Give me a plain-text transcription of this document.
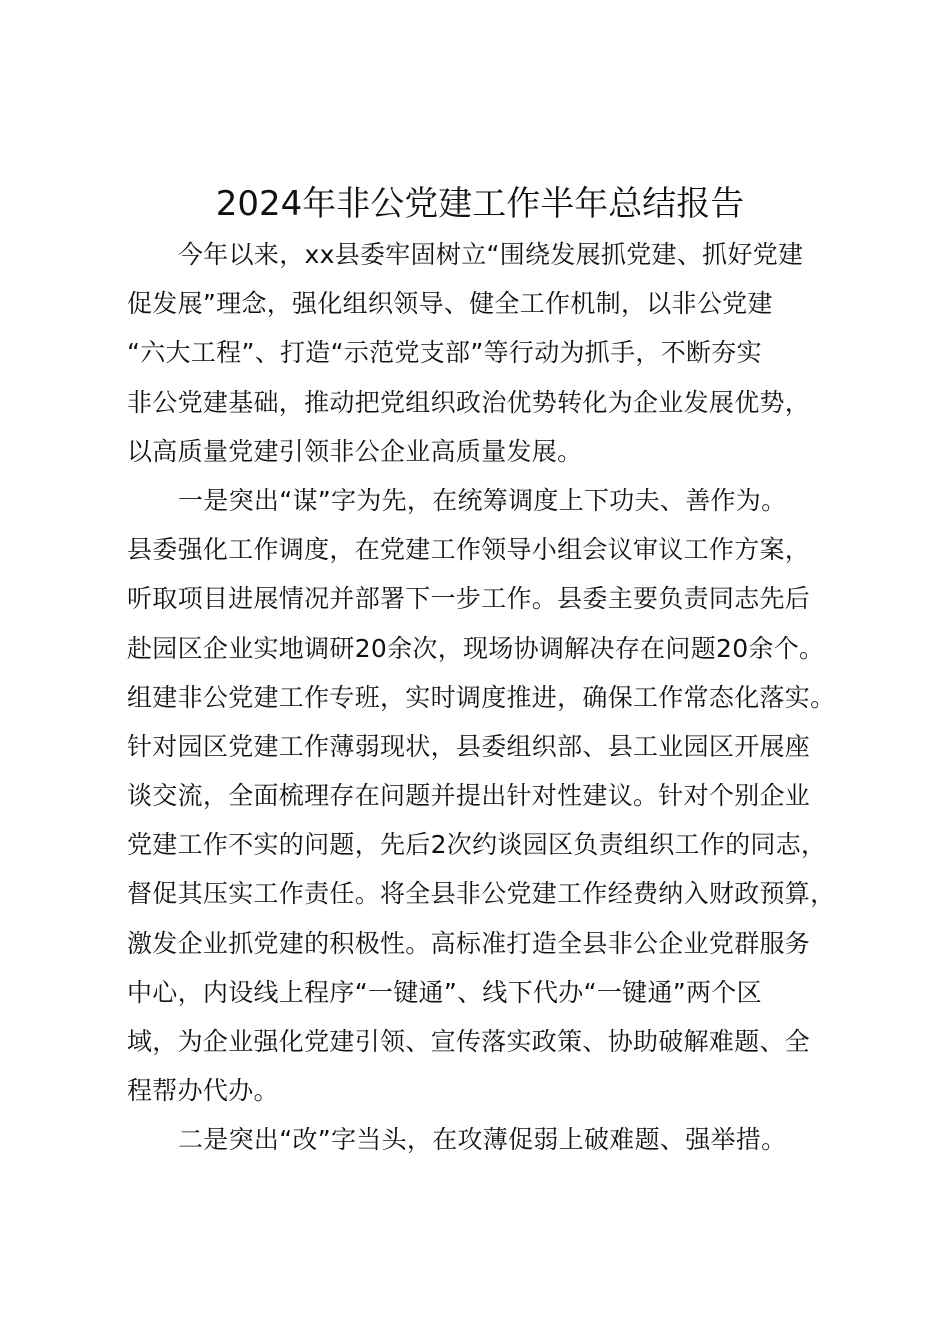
2024年非公党建工作半年总结报告
今年以来，xx县委牢固树立“围绕发展抓党建、抓好党建
促发展”理念，强化组织领导、健全工作机制，以非公党建
“六大工程”、打造“示范党支部”等行动为抓手，不断夯实
非公党建基础，推动把党组织政治优势转化为企业发展优势，
以高质量党建引领非公企业高质量发展。
一是突出“谋”字为先，在统筹调度上下功夫、善作为。
县委强化工作调度，在党建工作领导小组会议审议工作方案，
听取项目进展情况并部署下一步工作。县委主要负责同志先后
赴园区企业实地调研20余次，现场协调解决存在问题20余个。
组建非公党建工作专班，实时调度推进，确保工作常态化落实。
针对园区党建工作薄弱现状，县委组织部、县工业园区开展座
谈交流，全面梳理存在问题并提出针对性建议。针对个别企业
党建工作不实的问题，先后2次约谈园区负责组织工作的同志，
督促其压实工作责任。将全县非公党建工作经费纳入财政预算，
激发企业抓党建的积极性。高标准打造全县非公企业党群服务
中心，内设线上程序“一键通”、线下代办“一键通”两个区
域，为企业强化党建引领、宣传落实政策、协助破解难题、全
程帮办代办。
二是突出“改”字当头，在攻薄促弱上破难题、强举措。
